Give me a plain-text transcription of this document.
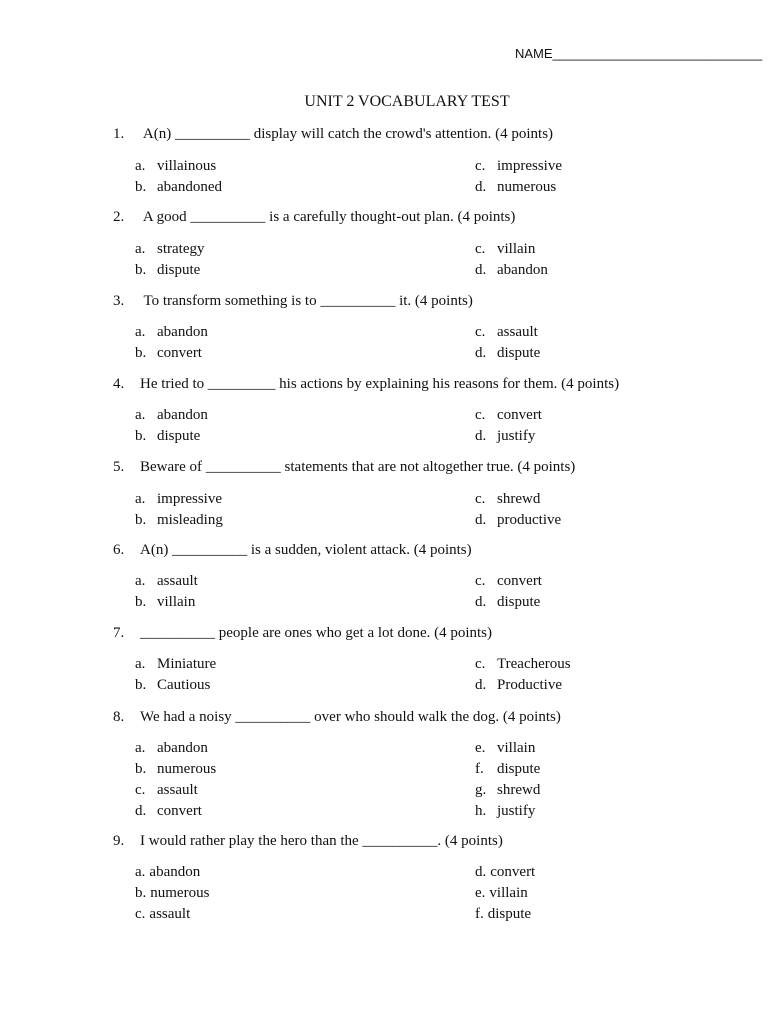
NAME_____________________________
UNIT 2 VOCABULARY TEST
1. A(n) __________ display will catch the crowd's attention. (4 points)
a. villainous
b. abandoned
c. impressive
d. numerous
2. A good __________ is a carefully thought-out plan. (4 points)
a. strategy
b. dispute
c. villain
d. abandon
3. To transform something is to __________ it. (4 points)
a. abandon
b. convert
c. assault
d. dispute
4. He tried to _________ his actions by explaining his reasons for them. (4 points)
a. abandon
b. dispute
c. convert
d. justify
5. Beware of __________ statements that are not altogether true. (4 points)
a. impressive
b. misleading
c. shrewd
d. productive
6. A(n) __________ is a sudden, violent attack. (4 points)
a. assault
b. villain
c. convert
d. dispute
7. __________ people are ones who get a lot done. (4 points)
a. Miniature
b. Cautious
c. Treacherous
d. Productive
8. We had a noisy __________ over who should walk the dog. (4 points)
a. abandon
b. numerous
c. assault
d. convert
e. villain
f. dispute
g. shrewd
h. justify
9. I would rather play the hero than the __________. (4 points)
a. abandon
b. numerous
c. assault
d. convert
e. villain
f. dispute
